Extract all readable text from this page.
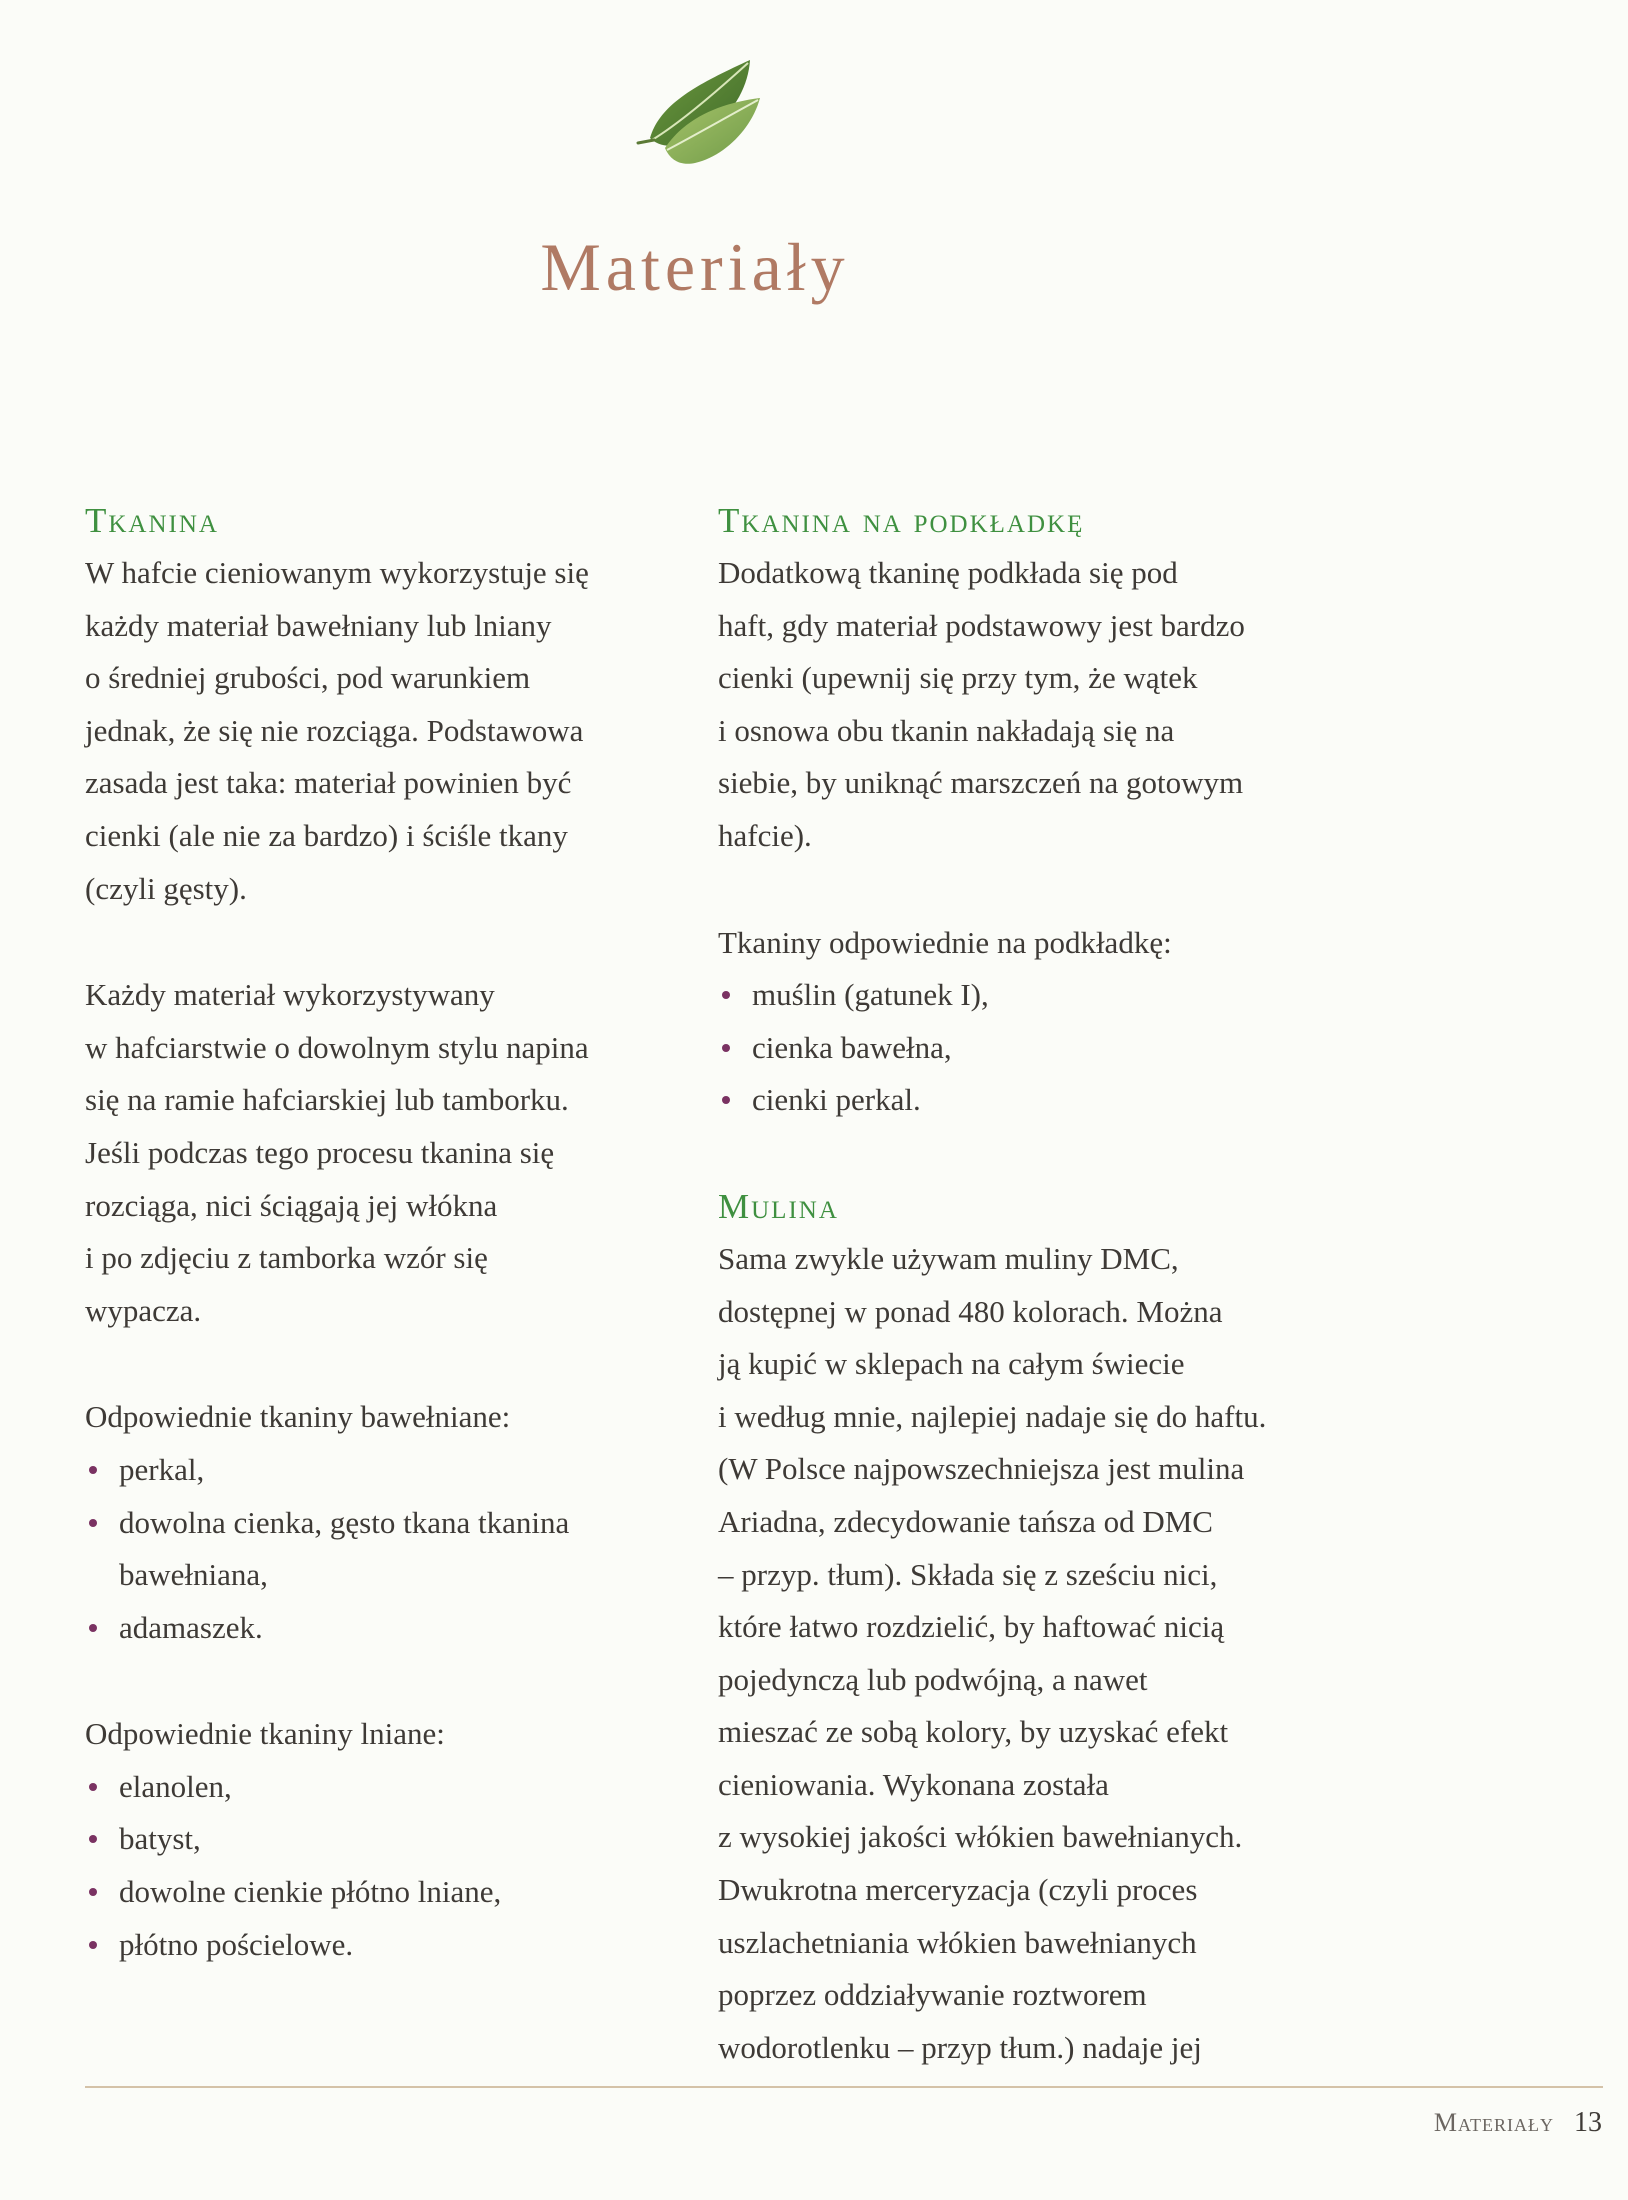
Materiały
Tkanina

W hafcie cieniowanym wykorzystuje się
każdy materiał bawełniany lub lniany
o średniej grubości, pod warunkiem
jednak, że się nie rozciąga. Podstawowa
zasada jest taka: materiał powinien być
cienki (ale nie za bardzo) i ściśle tkany
(czyli gęsty).

Każdy materiał wykorzystywany
w hafciarstwie o dowolnym stylu napina
się na ramie hafciarskiej lub tamborku.
Jeśli podczas tego procesu tkanina się
rozciąga, nici ściągają jej włókna
i po zdjęciu z tamborka wzór się
wypacza.

Odpowiednie tkaniny bawełniane:

perkal,
dowolna cienka, gęsto tkana tkanina
bawełniana,
adamaszek.

Odpowiednie tkaniny lniane:

elanolen,
batyst,
dowolne cienkie płótno lniane,
płótno pościelowe.
Tkanina na podkładkę

Dodatkową tkaninę podkłada się pod
haft, gdy materiał podstawowy jest bardzo
cienki (upewnij się przy tym, że wątek
i osnowa obu tkanin nakładają się na
siebie, by uniknąć marszczeń na gotowym
hafcie).

Tkaniny odpowiednie na podkładkę:

muślin (gatunek I),
cienka bawełna,
cienki perkal.
Mulina

Sama zwykle używam muliny DMC,
dostępnej w ponad 480 kolorach. Można
ją kupić w sklepach na całym świecie
i według mnie, najlepiej nadaje się do haftu.
(W Polsce najpowszechniejsza jest mulina
Ariadna, zdecydowanie tańsza od DMC
– przyp. tłum). Składa się z sześciu nici,
które łatwo rozdzielić, by haftować nicią
pojedynczą lub podwójną, a nawet
mieszać ze sobą kolory, by uzyskać efekt
cieniowania. Wykonana została
z wysokiej jakości włókien bawełnianych.
Dwukrotna merceryzacja (czyli proces
uszlachetniania włókien bawełnianych
poprzez oddziaływanie roztworem
wodorotlenku – przyp tłum.) nadaje jej

Materiały 13
